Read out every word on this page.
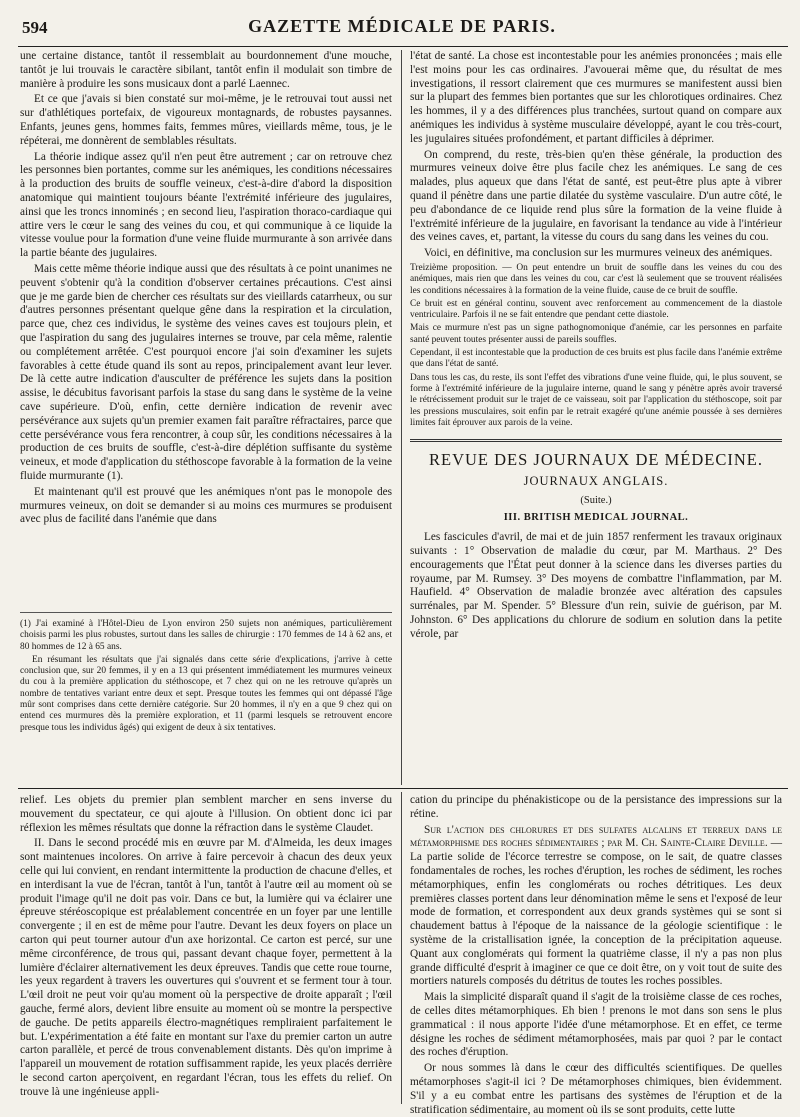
594	GAZETTE MÉDICALE DE PARIS.

une certaine distance, tantôt il ressemblait au bourdonnement d'une mouche, tantôt je lui trouvais le caractère sibilant, tantôt enfin il modulait son timbre de manière à produire les sons musicaux dont a parlé Laennec.

Et ce que j'avais si bien constaté sur moi-même, je le retrouvai tout aussi net sur d'athlétiques portefaix, de vigoureux montagnards, de robustes paysannes. Enfants, jeunes gens, hommes faits, femmes mûres, vieillards même, tous, je le répéterai, me donnèrent de semblables résultats.

La théorie indique assez qu'il n'en peut être autrement ; car on retrouve chez les personnes bien portantes, comme sur les anémiques, les conditions nécessaires à la production des bruits de souffle veineux, c'est-à-dire d'abord la disposition anatomique qui maintient toujours béante l'extrémité inférieure des jugulaires, ainsi que les troncs innominés ; en second lieu, l'aspiration thoraco-cardiaque qui attire vers le cœur le sang des veines du cou, et qui communique à ce liquide la vitesse voulue pour la formation d'une veine fluide murmurante à son arrivée dans la partie béante des jugulaires.

Mais cette même théorie indique aussi que des résultats à ce point unanimes ne peuvent s'obtenir qu'à la condition d'observer certaines précautions. C'est ainsi que je me garde bien de chercher ces résultats sur des vieillards catarrheux, ou sur d'autres personnes présentant quelque gêne dans la respiration et la circulation, parce que, chez ces individus, le système des veines caves est toujours plein, et que l'aspiration du sang des jugulaires internes se trouve, par cela même, ralentie ou complétement arrêtée. C'est pourquoi encore j'ai soin d'examiner les sujets favorables à cette étude quand ils sont au repos, principalement avant leur lever. De là cette autre indication d'ausculter de préférence les sujets dans la position assise, le décubitus favorisant parfois la stase du sang dans le système de la veine cave supérieure. D'où, enfin, cette dernière indication de revenir avec persévérance aux sujets qu'un premier examen fait paraître réfractaires, parce que cette persévérance vous fera rencontrer, à coup sûr, les conditions nécessaires à la production de ces bruits de souffle, c'est-à-dire déplétion suffisante du système veineux, et mode d'application du stéthoscope favorable à la formation de la veine fluide murmurante (1).

Et maintenant qu'il est prouvé que les anémiques n'ont pas le monopole des murmures veineux, on doit se demander si au moins ces murmures se produisent avec plus de facilité dans l'anémie que dans

(1) J'ai examiné à l'Hôtel-Dieu de Lyon environ 250 sujets non anémiques, particulièrement choisis parmi les plus robustes, surtout dans les salles de chirurgie : 170 femmes de 14 à 62 ans, et 80 hommes de 12 à 65 ans.

En résumant les résultats que j'ai signalés dans cette série d'explications, j'arrive à cette conclusion que, sur 20 femmes, il y en a 13 qui présentent immédiatement les murmures veineux du cou à la première application du stéthoscope, et 7 chez qui on ne les retrouve qu'après un nombre de tentatives variant entre deux et sept. Presque toutes les femmes qui ont dépassé l'âge mûr sont comprises dans cette dernière catégorie. Sur 20 hommes, il n'y en a que 9 chez qui on entend ces murmures dès la première exploration, et 11 (parmi lesquels se retrouvent encore presque tous les individus âgés) qui exigent de deux à six tentatives.

l'état de santé. La chose est incontestable pour les anémies prononcées ; mais elle l'est moins pour les cas ordinaires. J'avouerai même que, du résultat de mes investigations, il ressort clairement que ces murmures se manifestent aussi bien sur la plupart des femmes bien portantes que sur les chlorotiques ordinaires. Chez les hommes, il y a des différences plus tranchées, surtout quand on compare aux anémiques les individus à système musculaire développé, ayant le cou très-court, les jugulaires situées profondément, et partant difficiles à déprimer.

On comprend, du reste, très-bien qu'en thèse générale, la production des murmures veineux doive être plus facile chez les anémiques. Le sang de ces malades, plus aqueux que dans l'état de santé, est peut-être plus apte à vibrer quand il pénètre dans une partie dilatée du système vasculaire. D'un autre côté, le peu d'abondance de ce liquide rend plus sûre la formation de la veine fluide à l'extrémité inférieure de la jugulaire, en favorisant la tendance au vide à l'intérieur des veines caves, et, partant, la vitesse du cours du sang dans les veines du cou.

Voici, en définitive, ma conclusion sur les murmures veineux des anémiques.

Treizième proposition. — On peut entendre un bruit de souffle dans les veines du cou des anémiques, mais rien que dans les veines du cou, car c'est là seulement que se trouvent réalisées les conditions nécessaires à la formation de la veine fluide, cause de ce bruit de souffle.

Ce bruit est en général continu, souvent avec renforcement au commencement de la diastole ventriculaire. Parfois il ne se fait entendre que pendant cette diastole.

Mais ce murmure n'est pas un signe pathognomonique d'anémie, car les personnes en parfaite santé peuvent toutes présenter aussi de pareils souffles.

Cependant, il est incontestable que la production de ces bruits est plus facile dans l'anémie extrême que dans l'état de santé.

Dans tous les cas, du reste, ils sont l'effet des vibrations d'une veine fluide, qui, le plus souvent, se forme à l'extrémité inférieure de la jugulaire interne, quand le sang y pénètre après avoir traversé le rétrécissement produit sur le trajet de ce vaisseau, soit par l'application du stéthoscope, soit par les pressions musculaires, soit enfin par le retrait exagéré qu'une anémie poussée à ses dernières limites fait éprouver aux parois de la veine.

REVUE DES JOURNAUX DE MÉDECINE.
JOURNAUX ANGLAIS.
(Suite.)
III. BRITISH MEDICAL JOURNAL.

Les fascicules d'avril, de mai et de juin 1857 renferment les travaux originaux suivants : 1° Observation de maladie du cœur, par M. Marthaus. 2° Des encouragements que l'État peut donner à la science dans les diverses parties du royaume, par M. Rumsey. 3° Des moyens de combattre l'inflammation, par M. Haufield. 4° Observation de maladie bronzée avec altération des capsules surrénales, par M. Spender. 5° Blessure d'un rein, suivie de guérison, par M. Johnston. 6° Des applications du chlorure de sodium en solution dans la petite vérole, par

relief. Les objets du premier plan semblent marcher en sens inverse du mouvement du spectateur, ce qui ajoute à l'illusion. On obtient donc ici par réflexion les mêmes résultats que donne la réfraction dans le système Claudet.

II. Dans le second procédé mis en œuvre par M. d'Almeida, les deux images sont maintenues incolores. On arrive à faire percevoir à chacun des deux yeux celle qui lui convient, en rendant intermittente la production de chacune d'elles, et en interdisant la vue de l'écran, tantôt à l'un, tantôt à l'autre œil au moment où se produit l'image qu'il ne doit pas voir. Dans ce but, la lumière qui va éclairer une épreuve stéréoscopique est préalablement concentrée en un foyer par une lentille convergente ; il en est de même pour l'autre. Devant les deux foyers on place un carton qui peut tourner autour d'un axe horizontal. Ce carton est percé, sur une même circonférence, de trous qui, passant devant chaque foyer, permettent à la lumière d'éclairer alternativement les deux épreuves. Tandis que cette roue tourne, les yeux regardent à travers les ouvertures qui s'ouvrent et se ferment tour à tour. L'œil droit ne peut voir qu'au moment où la perspective de droite apparaît ; l'œil gauche, fermé alors, devient libre ensuite au moment où se montre la perspective de gauche. De petits appareils électro-magnétiques rempliraient parfaitement le but. L'expérimentation a été faite en montant sur l'axe du premier carton un autre carton parallèle, et percé de trous convenablement distants. Dès qu'on imprime à l'appareil un mouvement de rotation suffisamment rapide, les yeux placés derrière le second carton aperçoivent, en regardant l'écran, tous les effets du relief. On trouve là une ingénieuse appli-

cation du principe du phénakisticope ou de la persistance des impressions sur la rétine.

Sur l'action des chlorures et des sulfates alcalins et terreux dans le métamorphisme des roches sédimentaires ; par M. Ch. Sainte-Claire Deville. — La partie solide de l'écorce terrestre se compose, on le sait, de quatre classes fondamentales de roches, les roches d'éruption, les roches de sédiment, les roches métamorphiques, enfin les conglomérats ou roches détritiques. Les deux premières classes portent dans leur dénomination même le sens et l'exposé de leur mode de formation, et correspondent aux deux grands systèmes qui se sont si chaudement battus à l'époque de la naissance de la géologie scientifique : le système de la cristallisation ignée, la conception de la précipitation aqueuse. Quant aux conglomérats qui forment la quatrième classe, il n'y a pas non plus grande difficulté d'esprit à imaginer ce que ce doit être, on y voit tout de suite des mortiers naturels composés du détritus de toutes les roches possibles.

Mais la simplicité disparaît quand il s'agit de la troisième classe de ces roches, de celles dites métamorphiques. Eh bien ! prenons le mot dans son sens le plus grammatical : il nous apporte l'idée d'une métamorphose. Et en effet, ce terme désigne les roches de sédiment métamorphosées, mais par quoi ? par le contact des roches d'éruption.

Or nous sommes là dans le cœur des difficultés scientifiques. De quelles métamorphoses s'agit-il ici ? De métamorphoses chimiques, bien évidemment. S'il y a eu combat entre les partisans des systèmes de l'éruption et de la stratification sédimentaire, au moment où ils se sont produits, cette lutte
